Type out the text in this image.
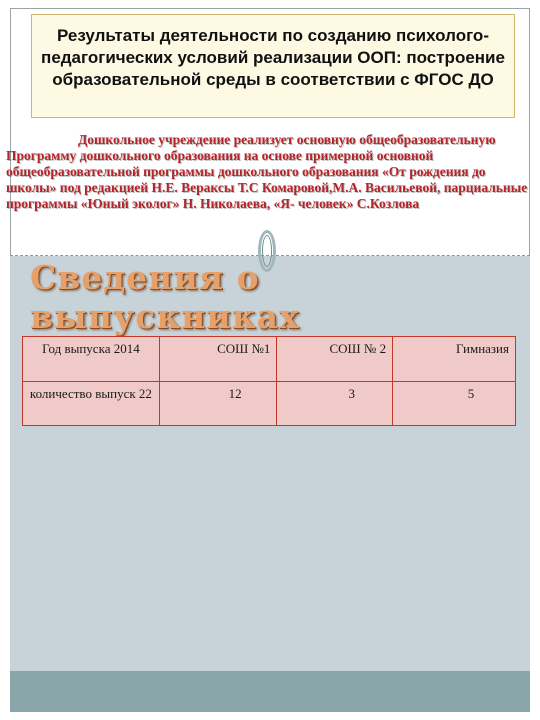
Результаты деятельности по созданию психолого-педагогических условий реализации ООП: построение образовательной среды в соответствии с ФГОС ДО
Дошкольное учреждение реализует основную общеобразовательную Программу дошкольного образования на основе примерной основной общеобразовательной программы дошкольного образования «От рождения до школы» под редакцией Н.Е. Вераксы Т.С Комаровой,М.А. Васильевой, парциальные программы «Юный эколог» Н. Николаева, «Я- человек» С.Козлова
Сведения о выпускниках
Год выпуска 2014	СОШ №1	СОШ № 2	Гимназия
количество выпуск 22	12	3	5
